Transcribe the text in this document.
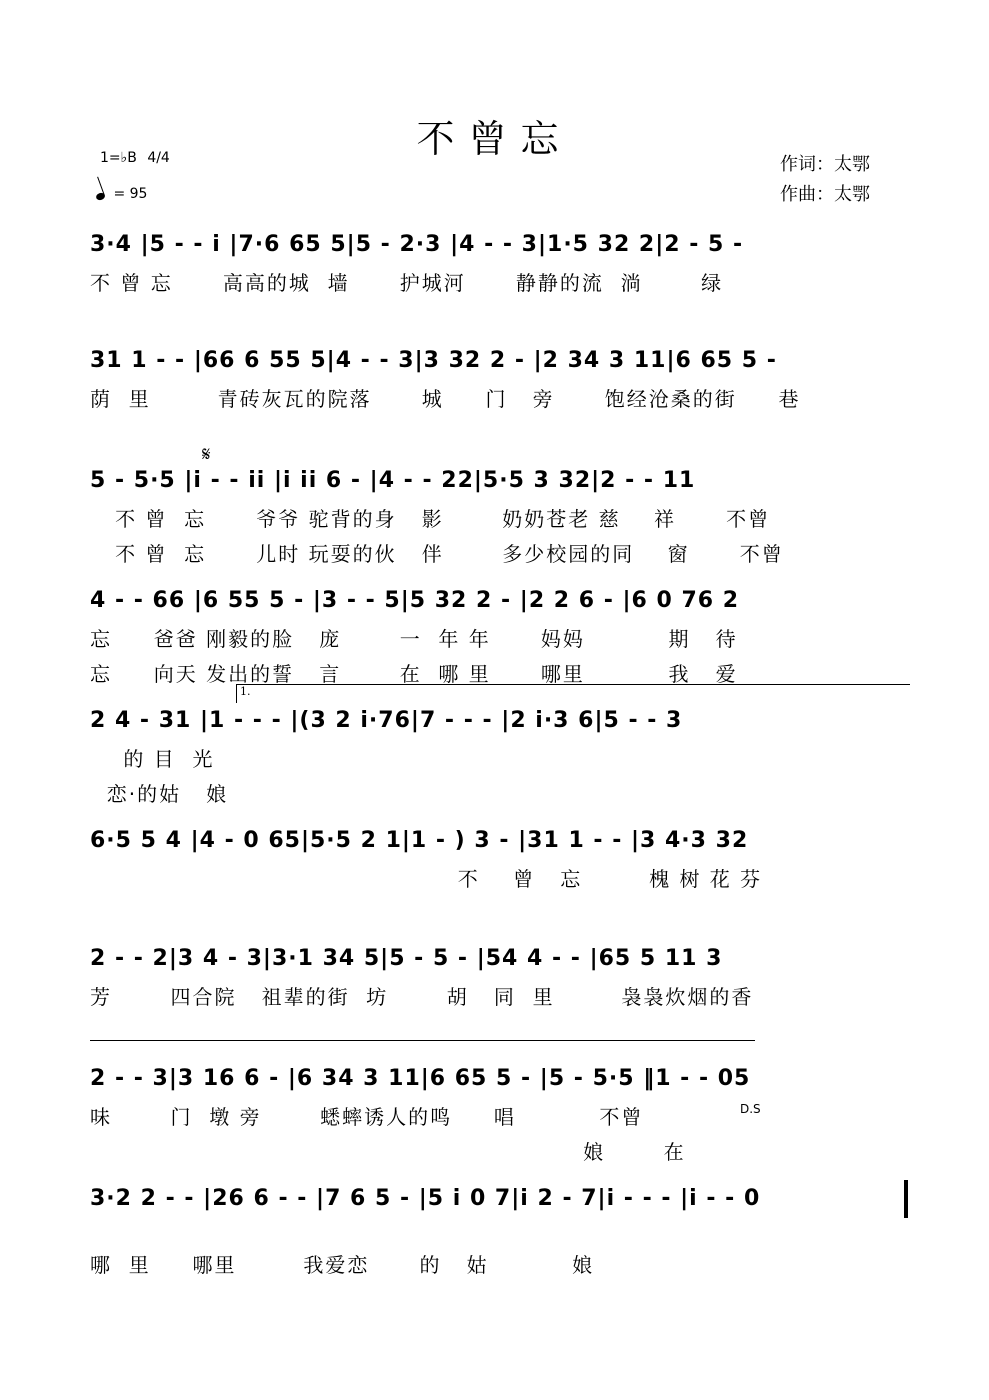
不曾忘
1=♭B 4/4
= 95
作词：太鄂
作曲：太鄂
3·4 |5 - - i |7·6 65 5|5 - 2·3 |4 - - 3|1·5 32 2|2 - 5 -
不 曾 忘      高高的城  墙      护城河      静静的流  淌       绿
31 1 - - |66 6 55 5|4 - - 3|3 32 2 - |2 34 3 11|6 65 5 -
荫  里        青砖灰瓦的院落      城     门   旁      饱经沧桑的街     巷
𝄋
5 - 5·5 |i - - ii |i ii 6 - |4 - - 22|5·5 3 32|2 - - 11
不 曾  忘      爷爷 驼背的身   影       奶奶苍老 慈    祥      不曾
不 曾  忘      儿时 玩耍的伙   伴       多少校园的同    窗      不曾
4 - - 66 |6 55 5 - |3 - - 5|5 32 2 - |2 2 6 - |6 0 76 2
忘     爸爸 刚毅的脸   庞       一  年 年      妈妈          期   待
忘     向天 发出的誓   言       在  哪 里      哪里          我   爱
1.
2 4 - 31 |1 - - - |(3 2 i·76|7 - - - |2 i·3 6|5 - - 3
的 目  光
恋·的姑   娘
6·5 5 4 |4 - 0 65|5·5 2 1|1 - ) 3 - |31 1 - - |3 4·3 32
不    曾   忘        槐 树 花 芬
2 - - 2|3 4 - 3|3·1 34 5|5 - 5 - |54 4 - - |65 5 11 3
芳       四合院   祖辈的街  坊       胡   同  里        袅袅炊烟的香
D.S
2 - - 3|3 16 6 - |6 34 3 11|6 65 5 - |5 - 5·5 ‖1 - - 05
味       门  墩 旁       蟋蟀诱人的鸣     唱          不曾
娘       在
3·2 2 - - |26 6 - - |7 6 5 - |5 i 0 7|i 2 - 7|i - - - |i - - 0
哪  里     哪里        我爱恋      的   姑          娘
